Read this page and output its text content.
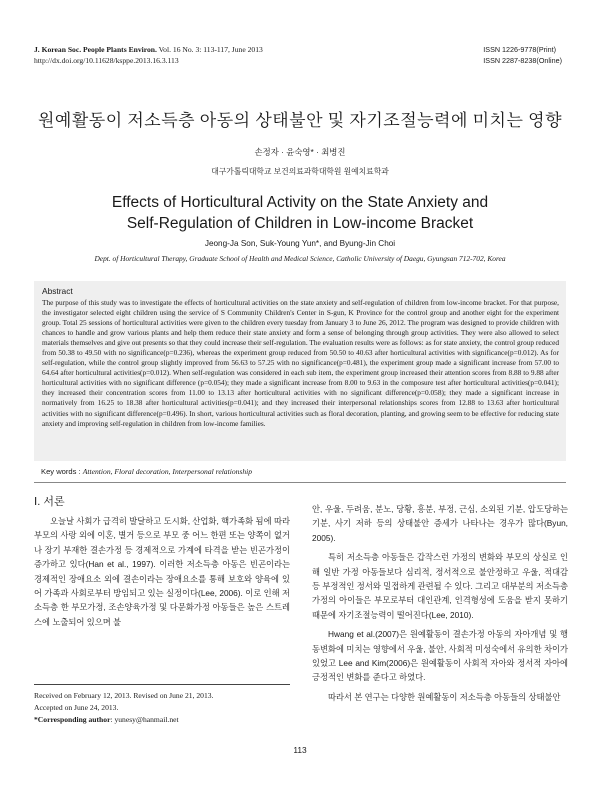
J. Korean Soc. People Plants Environ. Vol. 16 No. 3: 113-117, June 2013
http://dx.doi.org/10.11628/ksppe.2013.16.3.113
ISSN 1226-9778(Print)
ISSN 2287-8238(Online)
원예활동이 저소득층 아동의 상태불안 및 자기조절능력에 미치는 영향
손정자 · 윤숙영* · 최병진
대구가톨릭대학교 보건의료과학대학원 원예치료학과
Effects of Horticultural Activity on the State Anxiety and
Self-Regulation of Children in Low-income Bracket
Jeong-Ja Son, Suk-Young Yun*, and Byung-Jin Choi
Dept. of Horticultural Therapy, Graduate School of Health and Medical Science, Catholic University of Daegu, Gyungsan 712-702, Korea
Abstract
The purpose of this study was to investigate the effects of horticultural activities on the state anxiety and self-regulation of children from low-income bracket. For that purpose, the investigator selected eight children using the service of S Community Children's Center in S-gun, K Province for the control group and another eight for the experiment group. Total 25 sessions of horticultural activities were given to the children every tuesday from January 3 to June 26, 2012. The program was designed to provide children with chances to handle and grow various plants and help them reduce their state anxiety and form a sense of belonging through group activities. They were also allowed to select materials themselves and give out presents so that they could increase their self-regulation. The evaluation results were as follows: as for state anxiety, the control group reduced from 50.38 to 49.50 with no significance(p=0.236), whereas the experiment group reduced from 50.50 to 40.63 after horticultural activities with significance(p=0.012). As for self-regulation, while the control group slightly improved from 56.63 to 57.25 with no significance(p=0.481), the experiment group made a significant increase from 57.00 to 64.64 after horticultural activities(p=0.012). When self-regulation was considered in each sub item, the experiment group increased their attention scores from 8.88 to 9.88 after horticultural activities with no significant difference (p=0.054); they made a significant increase from 8.00 to 9.63 in the composure test after horticultural activities(p=0.041); they increased their concentration scores from 11.00 to 13.13 after horticultural activities with no significant difference(p=0.058); they made a significant increase in normatively from 16.25 to 18.38 after horticultural activities(p=0.041); and they increased their interpersonal relationships scores from 12.88 to 13.63 after horticultural activities with no significant difference(p=0.496). In short, various horticultural activities such as floral decoration, planting, and growing seem to be effective for reducing state anxiety and improving self-regulation in children from low-income families.
Key words : Attention, Floral decoration, Interpersonal relationship
Ⅰ. 서론

오늘날 사회가 급격히 발달하고 도시화, 산업화, 핵가족화 됨에 따라 부모의 사랑 외에 이혼, 별거 등으로 부모 중 어느 한편 또는 양쪽이 없거나 장기 부재한 결손가정 등 경제적으로 가계에 타격을 받는 빈곤가정이 증가하고 있다(Han et al., 1997). 이러한 저소득층 아동은 빈곤이라는 경제적인 장애요소 외에 결손이라는 장애요소를 통해 보호와 양육에 있어 가족과 사회로부터 방임되고 있는 실정이다(Lee, 2006). 이로 인해 저소득층 한 부모가정, 조손양육가정 및 다문화가정 아동들은 높은 스트레스에 노출되어 있으며 불

안, 우울, 두려움, 분노, 당황, 흥분, 부정, 근심, 소외된 기분, 압도당하는 기분, 사기 저하 등의 상태불안 증세가 나타나는 경우가 많다(Byun, 2005).

특히 저소득층 아동들은 갑작스런 가정의 변화와 부모의 상실로 인해 일반 가정 아동들보다 심리적, 정서적으로 불안정하고 우울, 적대감 등 부정적인 정서와 밀접하게 관련될 수 있다. 그리고 대부분의 저소득층 가정의 아이들은 부모로부터 대인관계, 인격형성에 도움을 받지 못하기 때문에 자기조절능력이 떨어진다(Lee, 2010).

Hwang et al.(2007)은 원예활동이 결손가정 아동의 자아개념 및 행동변화에 미치는 영향에서 우울, 불안, 사회적 미성숙에서 유의한 차이가 있었고 Lee and Kim(2006)은 원예활동이 사회적 자아와 정서적 자아에 긍정적인 변화를 준다고 하였다.

따라서 본 연구는 다양한 원예활동이 저소득층 아동들의 상태불안

Received on February 12, 2013. Revised on June 21, 2013.
Accepted on June 24, 2013.
*Corresponding author: yunesy@hanmail.net
113
